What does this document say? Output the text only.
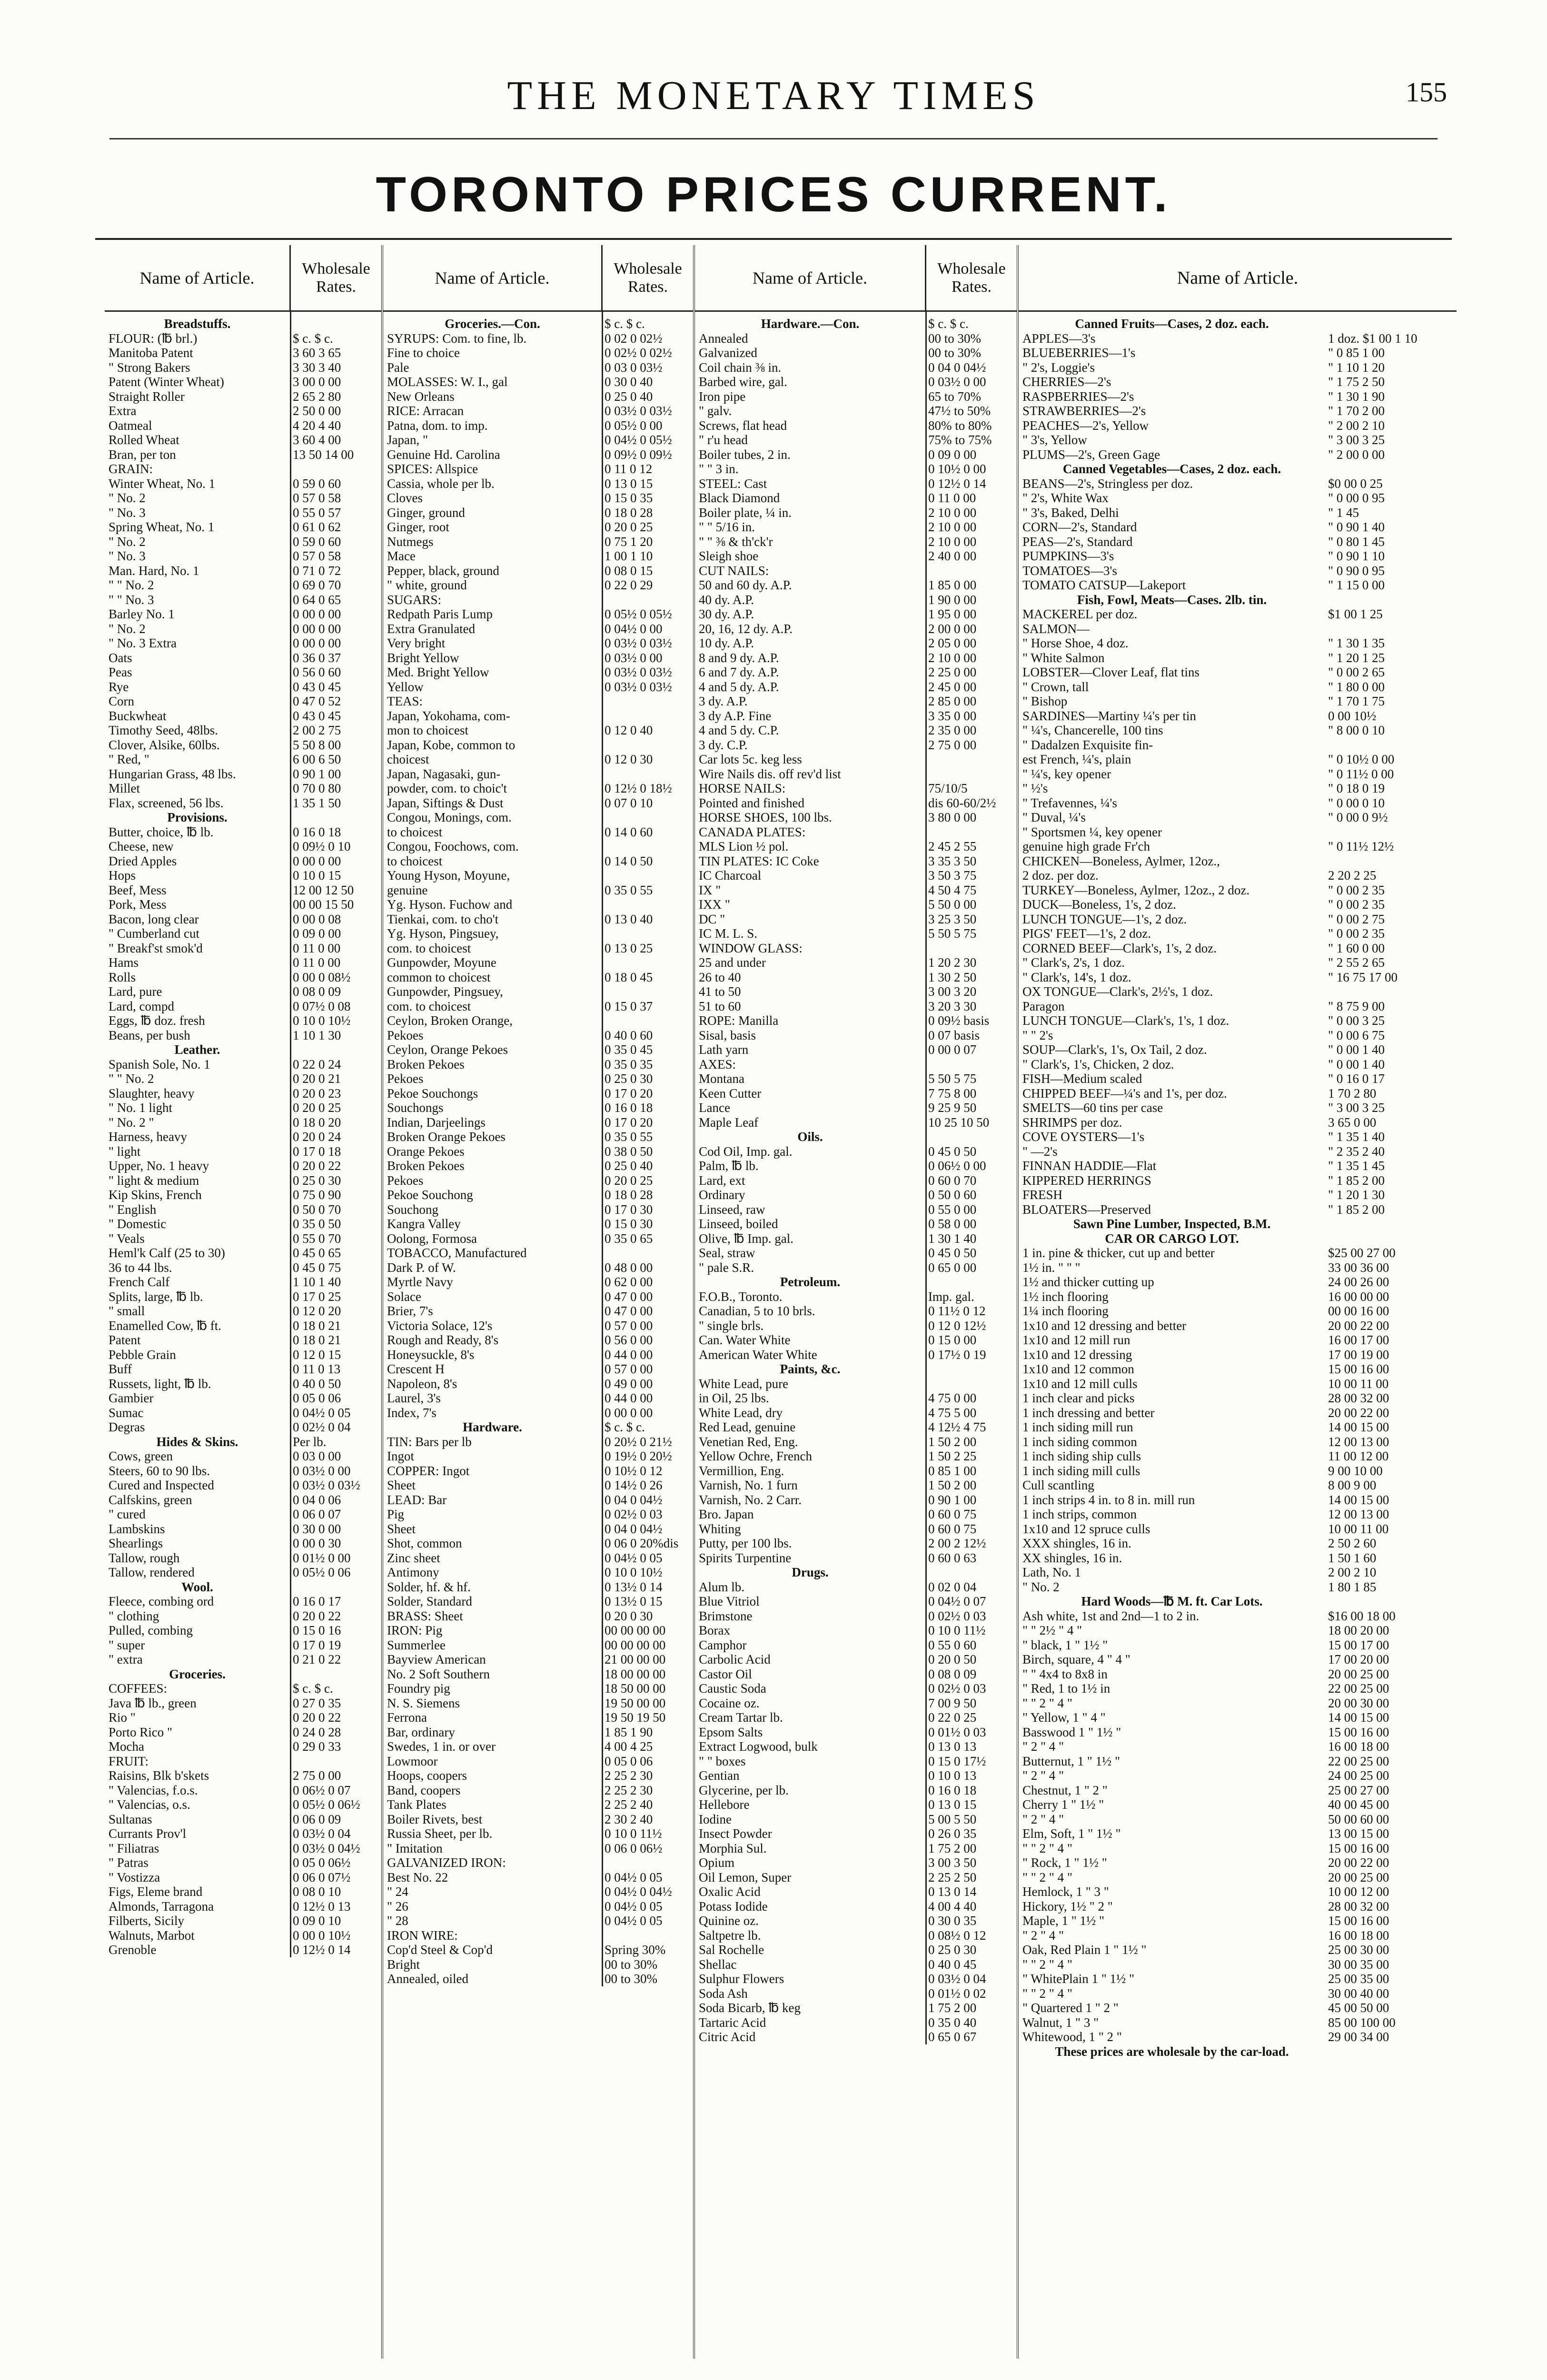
THE MONETARY TIMES	155
TORONTO PRICES CURRENT.
Name of Article.	Wholesale Rates.
Breadstuffs.
FLOUR: (℔ brl.)	$ c. $ c.
Manitoba Patent	3 60 3 65
" Strong Bakers	3 30 3 40
Patent (Winter Wheat)	3 00 0 00
Straight Roller	2 65 2 80
Extra	2 50 0 00
Oatmeal	4 20 4 40
Rolled Wheat	3 60 4 00
Bran, per ton	13 50 14 00
GRAIN:
Winter Wheat, No. 1	0 59 0 60
" No. 2	0 57 0 58
" No. 3	0 55 0 57
Spring Wheat, No. 1	0 61 0 62
" No. 2	0 59 0 60
" No. 3	0 57 0 58
Man. Hard, No. 1	0 71 0 72
" " No. 2	0 69 0 70
" " No. 3	0 64 0 65
Barley No. 1	0 00 0 00
" No. 2	0 00 0 00
" No. 3 Extra	0 00 0 00
Oats	0 36 0 37
Peas	0 56 0 60
Rye	0 43 0 45
Corn	0 47 0 52
Buckwheat	0 43 0 45
Timothy Seed, 48lbs.	2 00 2 75
Clover, Alsike, 60lbs.	5 50 8 00
" Red, "	6 00 6 50
Hungarian Grass, 48 lbs.	0 90 1 00
Millet	0 70 0 80
Flax, screened, 56 lbs.	1 35 1 50
Provisions.
Butter, choice, ℔ lb.	0 16 0 18
Cheese, new	0 09½ 0 10
Dried Apples	0 00 0 00
Hops	0 10 0 15
Beef, Mess	12 00 12 50
Pork, Mess	00 00 15 50
Bacon, long clear	0 00 0 08
" Cumberland cut	0 09 0 00
" Breakf'st smok'd	0 11 0 00
Hams	0 11 0 00
Rolls	0 00 0 08½
Lard, pure	0 08 0 09
Lard, compd	0 07½ 0 08
Eggs, ℔ doz. fresh	0 10 0 10½
Beans, per bush	1 10 1 30
Leather.
Spanish Sole, No. 1	0 22 0 24
" " No. 2	0 20 0 21
Slaughter, heavy	0 20 0 23
" No. 1 light	0 20 0 25
" No. 2 "	0 18 0 20
Harness, heavy	0 20 0 24
" light	0 17 0 18
Upper, No. 1 heavy	0 20 0 22
" light & medium	0 25 0 30
Kip Skins, French	0 75 0 90
" English	0 50 0 70
" Domestic	0 35 0 50
" Veals	0 55 0 70
Heml'k Calf (25 to 30)	0 45 0 65
36 to 44 lbs.	0 45 0 75
French Calf	1 10 1 40
Splits, large, ℔ lb.	0 17 0 25
" small	0 12 0 20
Enamelled Cow, ℔ ft.	0 18 0 21
Patent	0 18 0 21
Pebble Grain	0 12 0 15
Buff	0 11 0 13
Russets, light, ℔ lb.	0 40 0 50
Gambier	0 05 0 06
Sumac	0 04½ 0 05
Degras	0 02½ 0 04
Hides & Skins.	Per lb.
Cows, green	0 03 0 00
Steers, 60 to 90 lbs.	0 03½ 0 00
Cured and Inspected	0 03½ 0 03½
Calfskins, green	0 04 0 06
" cured	0 06 0 07
Lambskins	0 30 0 00
Shearlings	0 00 0 30
Tallow, rough	0 01½ 0 00
Tallow, rendered	0 05½ 0 06
Wool.
Fleece, combing ord	0 16 0 17
" clothing	0 20 0 22
Pulled, combing	0 15 0 16
" super	0 17 0 19
" extra	0 21 0 22
Groceries.
COFFEES:	$ c. $ c.
Java ℔ lb., green	0 27 0 35
Rio "	0 20 0 22
Porto Rico "	0 24 0 28
Mocha	0 29 0 33
FRUIT:
Raisins, Blk b'skets	2 75 0 00
" Valencias, f.o.s.	0 06½ 0 07
" Valencias, o.s.	0 05½ 0 06½
Sultanas	0 06 0 09
Currants Prov'l	0 03½ 0 04
" Filiatras	0 03½ 0 04½
" Patras	0 05 0 06½
" Vostizza	0 06 0 07½
Figs, Eleme brand	0 08 0 10
Almonds, Tarragona	0 12½ 0 13
Filberts, Sicily	0 09 0 10
Walnuts, Marbot	0 00 0 10½
Grenoble	0 12½ 0 14
Name of Article.	Wholesale Rates.
Groceries.—Con.	$ c. $ c.
SYRUPS: Com. to fine, lb.	0 02 0 02½
Fine to choice	0 02½ 0 02½
Pale	0 03 0 03½
MOLASSES: W. I., gal	0 30 0 40
New Orleans	0 25 0 40
RICE: Arracan	0 03½ 0 03½
Patna, dom. to imp.	0 05½ 0 00
Japan, "	0 04½ 0 05½
Genuine Hd. Carolina	0 09½ 0 09½
SPICES: Allspice	0 11 0 12
Cassia, whole per lb.	0 13 0 15
Cloves	0 15 0 35
Ginger, ground	0 18 0 28
Ginger, root	0 20 0 25
Nutmegs	0 75 1 20
Mace	1 00 1 10
Pepper, black, ground	0 08 0 15
" white, ground	0 22 0 29
SUGARS:
Redpath Paris Lump	0 05½ 0 05½
Extra Granulated	0 04½ 0 00
Very bright	0 03½ 0 03½
Bright Yellow	0 03½ 0 00
Med. Bright Yellow	0 03½ 0 03½
Yellow	0 03½ 0 03½
TEAS:
Japan, Yokohama, com-
mon to choicest	0 12 0 40
Japan, Kobe, common to
choicest	0 12 0 30
Japan, Nagasaki, gun-
powder, com. to choic't	0 12½ 0 18½
Japan, Siftings & Dust	0 07 0 10
Congou, Monings, com.
to choicest	0 14 0 60
Congou, Foochows, com.
to choicest	0 14 0 50
Young Hyson, Moyune,
genuine	0 35 0 55
Yg. Hyson. Fuchow and
Tienkai, com. to cho't	0 13 0 40
Yg. Hyson, Pingsuey,
com. to choicest	0 13 0 25
Gunpowder, Moyune
common to choicest	0 18 0 45
Gunpowder, Pingsuey,
com. to choicest	0 15 0 37
Ceylon, Broken Orange,
Pekoes	0 40 0 60
Ceylon, Orange Pekoes	0 35 0 45
Broken Pekoes	0 35 0 35
Pekoes	0 25 0 30
Pekoe Souchongs	0 17 0 20
Souchongs	0 16 0 18
Indian, Darjeelings	0 17 0 20
Broken Orange Pekoes	0 35 0 55
Orange Pekoes	0 38 0 50
Broken Pekoes	0 25 0 40
Pekoes	0 20 0 25
Pekoe Souchong	0 18 0 28
Souchong	0 17 0 30
Kangra Valley	0 15 0 30
Oolong, Formosa	0 35 0 65
TOBACCO, Manufactured
Dark P. of W.	0 48 0 00
Myrtle Navy	0 62 0 00
Solace	0 47 0 00
Brier, 7's	0 47 0 00
Victoria Solace, 12's	0 57 0 00
Rough and Ready, 8's	0 56 0 00
Honeysuckle, 8's	0 44 0 00
Crescent H	0 57 0 00
Napoleon, 8's	0 49 0 00
Laurel, 3's	0 44 0 00
Index, 7's	0 00 0 00
Hardware.	$ c. $ c.
TIN: Bars per lb	0 20½ 0 21½
Ingot	0 19½ 0 20½
COPPER: Ingot	0 10½ 0 12
Sheet	0 14½ 0 26
LEAD: Bar	0 04 0 04½
Pig	0 02½ 0 03
Sheet	0 04 0 04½
Shot, common	0 06 0 20%dis
Zinc sheet	0 04½ 0 05
Antimony	0 10 0 10½
Solder, hf. & hf.	0 13½ 0 14
Solder, Standard	0 13½ 0 15
BRASS: Sheet	0 20 0 30
IRON: Pig	00 00 00 00
Summerlee	00 00 00 00
Bayview American	21 00 00 00
No. 2 Soft Southern	18 00 00 00
Foundry pig	18 50 00 00
N. S. Siemens	19 50 00 00
Ferrona	19 50 19 50
Bar, ordinary	1 85 1 90
Swedes, 1 in. or over	4 00 4 25
Lowmoor	0 05 0 06
Hoops, coopers	2 25 2 30
Band, coopers	2 25 2 30
Tank Plates	2 25 2 40
Boiler Rivets, best	2 30 2 40
Russia Sheet, per lb.	0 10 0 11½
" Imitation	0 06 0 06½
GALVANIZED IRON:
Best No. 22	0 04½ 0 05
" 24	0 04½ 0 04½
" 26	0 04½ 0 05
" 28	0 04½ 0 05
IRON WIRE:
Cop'd Steel & Cop'd	Spring 30%
Bright	00 to 30%
Annealed, oiled	00 to 30%
Name of Article.	Wholesale Rates.
Hardware.—Con.	$ c. $ c.
Annealed	00 to 30%
Galvanized	00 to 30%
Coil chain ⅜ in.	0 04 0 04½
Barbed wire, gal.	0 03½ 0 00
Iron pipe	65 to 70%
" galv.	47½ to 50%
Screws, flat head	80% to 80%
" r'u head	75% to 75%
Boiler tubes, 2 in.	0 09 0 00
" " 3 in.	0 10½ 0 00
STEEL: Cast	0 12½ 0 14
Black Diamond	0 11 0 00
Boiler plate, ¼ in.	2 10 0 00
" " 5/16 in.	2 10 0 00
" " ⅜ & th'ck'r	2 10 0 00
Sleigh shoe	2 40 0 00
CUT NAILS:
50 and 60 dy. A.P.	1 85 0 00
40 dy. A.P.	1 90 0 00
30 dy. A.P.	1 95 0 00
20, 16, 12 dy. A.P.	2 00 0 00
10 dy. A.P.	2 05 0 00
8 and 9 dy. A.P.	2 10 0 00
6 and 7 dy. A.P.	2 25 0 00
4 and 5 dy. A.P.	2 45 0 00
3 dy. A.P.	2 85 0 00
3 dy A.P. Fine	3 35 0 00
4 and 5 dy. C.P.	2 35 0 00
3 dy. C.P.	2 75 0 00
Car lots 5c. keg less
Wire Nails dis. off rev'd list
HORSE NAILS:	75/10/5
Pointed and finished	dis 60-60/2½
HORSE SHOES, 100 lbs.	3 80 0 00
CANADA PLATES:
MLS Lion ½ pol.	2 45 2 55
TIN PLATES: IC Coke	3 35 3 50
IC Charcoal	3 50 3 75
IX "	4 50 4 75
IXX "	5 50 0 00
DC "	3 25 3 50
IC M. L. S.	5 50 5 75
WINDOW GLASS:
25 and under	1 20 2 30
26 to 40	1 30 2 50
41 to 50	3 00 3 20
51 to 60	3 20 3 30
ROPE: Manilla	0 09½ basis
Sisal, basis	0 07 basis
Lath yarn	0 00 0 07
AXES:
Montana	5 50 5 75
Keen Cutter	7 75 8 00
Lance	9 25 9 50
Maple Leaf	10 25 10 50
Oils.
Cod Oil, Imp. gal.	0 45 0 50
Palm, ℔ lb.	0 06½ 0 00
Lard, ext	0 60 0 70
Ordinary	0 50 0 60
Linseed, raw	0 55 0 00
Linseed, boiled	0 58 0 00
Olive, ℔ Imp. gal.	1 30 1 40
Seal, straw	0 45 0 50
" pale S.R.	0 65 0 00
Petroleum.
F.O.B., Toronto.	Imp. gal.
Canadian, 5 to 10 brls.	0 11½ 0 12
" single brls.	0 12 0 12½
Can. Water White	0 15 0 00
American Water White	0 17½ 0 19
Paints, &c.
White Lead, pure
in Oil, 25 lbs.	4 75 0 00
White Lead, dry	4 75 5 00
Red Lead, genuine	4 12½ 4 75
Venetian Red, Eng.	1 50 2 00
Yellow Ochre, French	1 50 2 25
Vermillion, Eng.	0 85 1 00
Varnish, No. 1 furn	1 50 2 00
Varnish, No. 2 Carr.	0 90 1 00
Bro. Japan	0 60 0 75
Whiting	0 60 0 75
Putty, per 100 lbs.	2 00 2 12½
Spirits Turpentine	0 60 0 63
Drugs.
Alum lb.	0 02 0 04
Blue Vitriol	0 04½ 0 07
Brimstone	0 02½ 0 03
Borax	0 10 0 11½
Camphor	0 55 0 60
Carbolic Acid	0 20 0 50
Castor Oil	0 08 0 09
Caustic Soda	0 02½ 0 03
Cocaine oz.	7 00 9 50
Cream Tartar lb.	0 22 0 25
Epsom Salts	0 01½ 0 03
Extract Logwood, bulk	0 13 0 13
" " boxes	0 15 0 17½
Gentian	0 10 0 13
Glycerine, per lb.	0 16 0 18
Hellebore	0 13 0 15
Iodine	5 00 5 50
Insect Powder	0 26 0 35
Morphia Sul.	1 75 2 00
Opium	3 00 3 50
Oil Lemon, Super	2 25 2 50
Oxalic Acid	0 13 0 14
Potass Iodide	4 00 4 40
Quinine oz.	0 30 0 35
Saltpetre lb.	0 08½ 0 12
Sal Rochelle	0 25 0 30
Shellac	0 40 0 45
Sulphur Flowers	0 03½ 0 04
Soda Ash	0 01½ 0 02
Soda Bicarb, ℔ keg	1 75 2 00
Tartaric Acid	0 35 0 40
Citric Acid	0 65 0 67
Name of Article.
Canned Fruits—Cases, 2 doz. each.
APPLES—3's	1 doz. $1 00 1 10
BLUEBERRIES—1's	" 0 85 1 00
" 2's, Loggie's	" 1 10 1 20
CHERRIES—2's	" 1 75 2 50
RASPBERRIES—2's	" 1 30 1 90
STRAWBERRIES—2's	" 1 70 2 00
PEACHES—2's, Yellow	" 2 00 2 10
" 3's, Yellow	" 3 00 3 25
PLUMS—2's, Green Gage	" 2 00 0 00
Canned Vegetables—Cases, 2 doz. each.
BEANS—2's, Stringless per doz.	$0 00 0 25
" 2's, White Wax	" 0 00 0 95
" 3's, Baked, Delhi	" 1 45
CORN—2's, Standard	" 0 90 1 40
PEAS—2's, Standard	" 0 80 1 45
PUMPKINS—3's	" 0 90 1 10
TOMATOES—3's	" 0 90 0 95
TOMATO CATSUP—Lakeport	" 1 15 0 00
Fish, Fowl, Meats—Cases. 2lb. tin.
MACKEREL per doz.	$1 00 1 25
SALMON—
" Horse Shoe, 4 doz.	" 1 30 1 35
" White Salmon	" 1 20 1 25
LOBSTER—Clover Leaf, flat tins	" 0 00 2 65
" Crown, tall	" 1 80 0 00
" Bishop	" 1 70 1 75
SARDINES—Martiny ¼'s per tin	0 00 10½
" ¼'s, Chancerelle, 100 tins	" 8 00 0 10
" Dadalzen Exquisite fin-
est French, ¼'s, plain	" 0 10½ 0 00
" ¼'s, key opener	" 0 11½ 0 00
" ½'s	" 0 18 0 19
" Trefavennes, ¼'s	" 0 00 0 10
" Duval, ¼'s	" 0 00 0 9½
" Sportsmen ¼, key opener
genuine high grade Fr'ch	" 0 11½ 12½
CHICKEN—Boneless, Aylmer, 12oz.,
2 doz. per doz.	2 20 2 25
TURKEY—Boneless, Aylmer, 12oz., 2 doz.	" 0 00 2 35
DUCK—Boneless, 1's, 2 doz.	" 0 00 2 35
LUNCH TONGUE—1's, 2 doz.	" 0 00 2 75
PIGS' FEET—1's, 2 doz.	" 0 00 2 35
CORNED BEEF—Clark's, 1's, 2 doz.	" 1 60 0 00
" Clark's, 2's, 1 doz.	" 2 55 2 65
" Clark's, 14's, 1 doz.	" 16 75 17 00
OX TONGUE—Clark's, 2½'s, 1 doz.
Paragon	" 8 75 9 00
LUNCH TONGUE—Clark's, 1's, 1 doz.	" 0 00 3 25
" " 2's	" 0 00 6 75
SOUP—Clark's, 1's, Ox Tail, 2 doz.	" 0 00 1 40
" Clark's, 1's, Chicken, 2 doz.	" 0 00 1 40
FISH—Medium scaled	" 0 16 0 17
CHIPPED BEEF—¼'s and 1's, per doz.	1 70 2 80
SMELTS—60 tins per case	" 3 00 3 25
SHRIMPS per doz.	3 65 0 00
COVE OYSTERS—1's	" 1 35 1 40
" —2's	" 2 35 2 40
FINNAN HADDIE—Flat	" 1 35 1 45
KIPPERED HERRINGS	" 1 85 2 00
FRESH	" 1 20 1 30
BLOATERS—Preserved	" 1 85 2 00
Sawn Pine Lumber, Inspected, B.M.
CAR OR CARGO LOT.
1 in. pine & thicker, cut up and better	$25 00 27 00
1½ in. " " "	33 00 36 00
1½ and thicker cutting up	24 00 26 00
1½ inch flooring	16 00 00 00
1¼ inch flooring	00 00 16 00
1x10 and 12 dressing and better	20 00 22 00
1x10 and 12 mill run	16 00 17 00
1x10 and 12 dressing	17 00 19 00
1x10 and 12 common	15 00 16 00
1x10 and 12 mill culls	10 00 11 00
1 inch clear and picks	28 00 32 00
1 inch dressing and better	20 00 22 00
1 inch siding mill run	14 00 15 00
1 inch siding common	12 00 13 00
1 inch siding ship culls	11 00 12 00
1 inch siding mill culls	9 00 10 00
Cull scantling	8 00 9 00
1 inch strips 4 in. to 8 in. mill run	14 00 15 00
1 inch strips, common	12 00 13 00
1x10 and 12 spruce culls	10 00 11 00
XXX shingles, 16 in.	2 50 2 60
XX shingles, 16 in.	1 50 1 60
Lath, No. 1	2 00 2 10
" No. 2	1 80 1 85
Hard Woods—℔ M. ft. Car Lots.
Ash white, 1st and 2nd—1 to 2 in.	$16 00 18 00
" " 2½ " 4 "	18 00 20 00
" black, 1 " 1½ "	15 00 17 00
Birch, square, 4 " 4 "	17 00 20 00
" " 4x4 to 8x8 in	20 00 25 00
" Red, 1 to 1½ in	22 00 25 00
" " 2 " 4 "	20 00 30 00
" Yellow, 1 " 4 "	14 00 15 00
Basswood 1 " 1½ "	15 00 16 00
" 2 " 4 "	16 00 18 00
Butternut, 1 " 1½ "	22 00 25 00
" 2 " 4 "	24 00 25 00
Chestnut, 1 " 2 "	25 00 27 00
Cherry 1 " 1½ "	40 00 45 00
" 2 " 4 "	50 00 60 00
Elm, Soft, 1 " 1½ "	13 00 15 00
" " 2 " 4 "	15 00 16 00
" Rock, 1 " 1½ "	20 00 22 00
" " 2 " 4 "	20 00 25 00
Hemlock, 1 " 3 "	10 00 12 00
Hickory, 1½ " 2 "	28 00 32 00
Maple, 1 " 1½ "	15 00 16 00
" 2 " 4 "	16 00 18 00
Oak, Red Plain 1 " 1½ "	25 00 30 00
" " 2 " 4 "	30 00 35 00
" WhitePlain 1 " 1½ "	25 00 35 00
" " 2 " 4 "	30 00 40 00
" Quartered 1 " 2 "	45 00 50 00
Walnut, 1 " 3 "	85 00 100 00
Whitewood, 1 " 2 "	29 00 34 00
These prices are wholesale by the car-load.
